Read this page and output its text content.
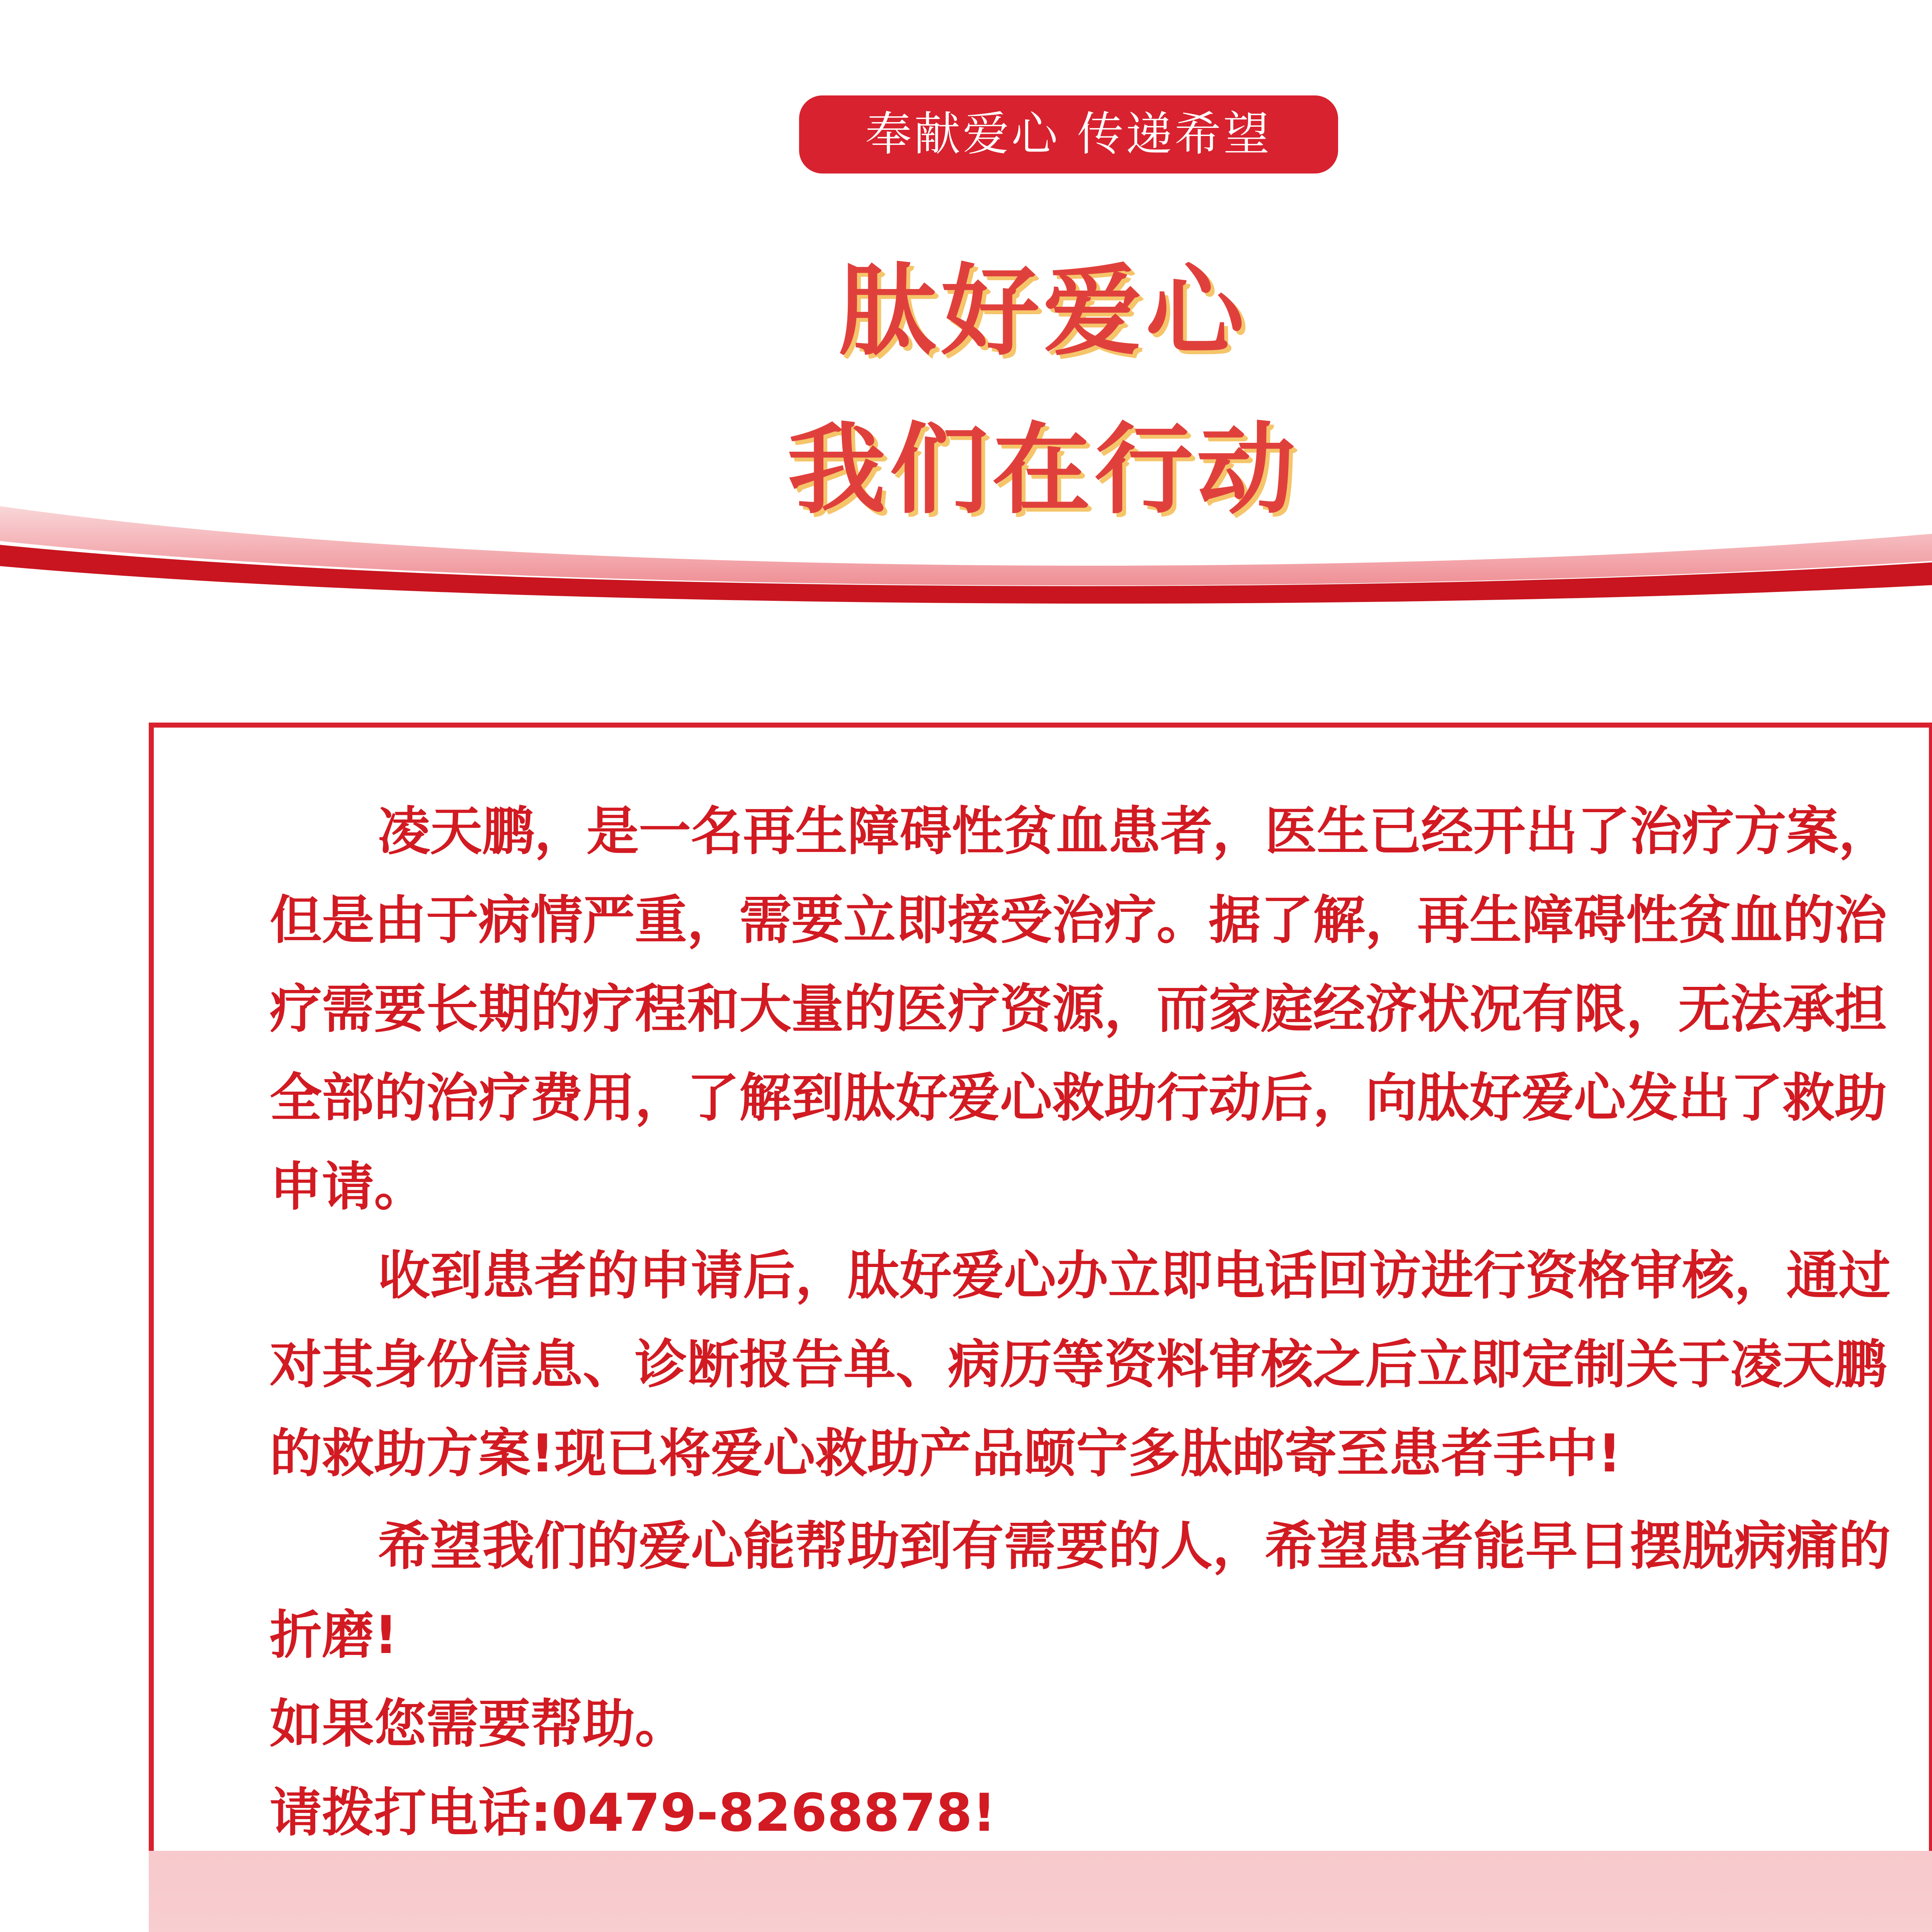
奉献爱心 传递希望
肽好爱心
我们在行动
凌天鹏，是一名再生障碍性贫血患者，医生已经开出了治疗方案，
但是由于病情严重，需要立即接受治疗。据了解，再生障碍性贫血的治
疗需要长期的疗程和大量的医疗资源，而家庭经济状况有限，无法承担
全部的治疗费用，了解到肽好爱心救助行动后，向肽好爱心发出了救助
申请。
收到患者的申请后，肽好爱心办立即电话回访进行资格审核，通过
对其身份信息、诊断报告单、病历等资料审核之后立即定制关于凌天鹏
的救助方案!现已将爱心救助产品颐宁多肽邮寄至患者手中!
希望我们的爱心能帮助到有需要的人，希望患者能早日摆脱病痛的
折磨!
如果您需要帮助。
请拨打电话:0479-8268878!
